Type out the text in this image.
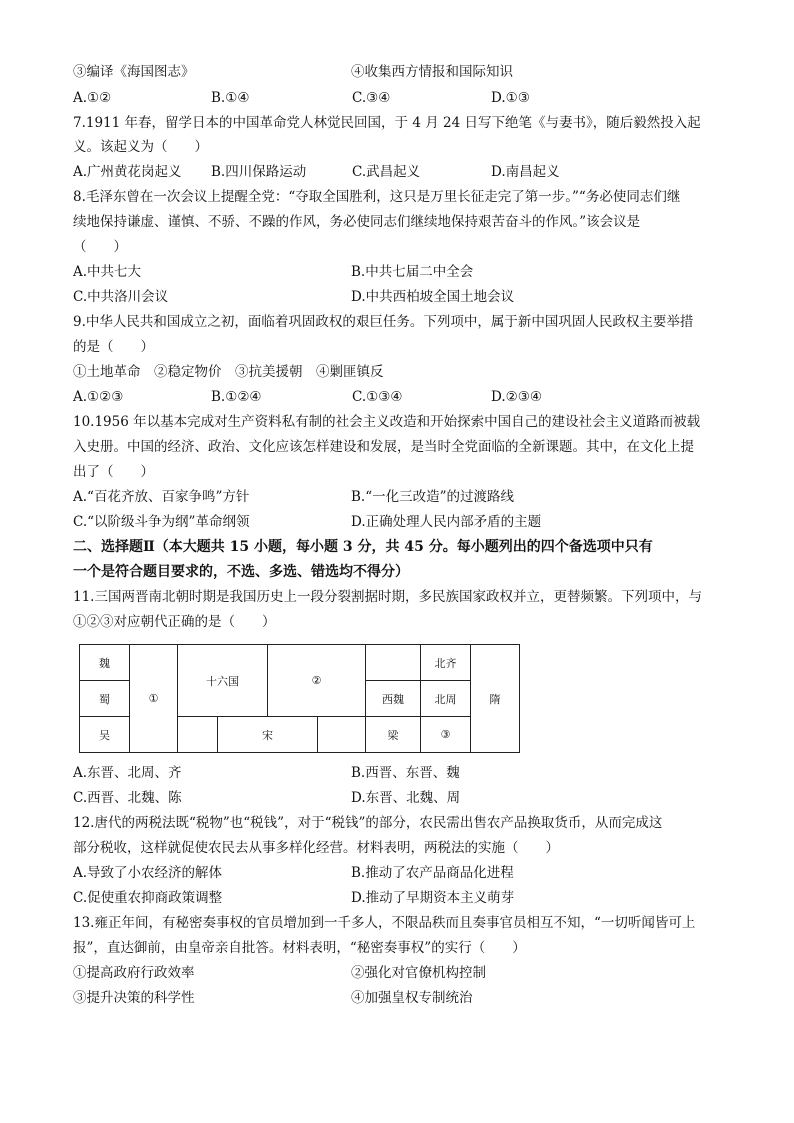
③编译《海国图志》	④收集西方情报和国际知识
A.①②	B.①④	C.③④	D.①③
7.1911 年春，留学日本的中国革命党人林觉民回国，于 4 月 24 日写下绝笔《与妻书》，随后毅然投入起
义。该起义为（　　）
A.广州黄花岗起义 B.四川保路运动	C.武昌起义	D.南昌起义
8.毛泽东曾在一次会议上提醒全党：“夺取全国胜利，这只是万里长征走完了第一步。”“务必使同志们继
续地保持谦虚、谨慎、不骄、不躁的作风，务必使同志们继续地保持艰苦奋斗的作风。”该会议是
（　　）
A.中共七大	B.中共七届二中全会
C.中共洛川会议	D.中共西柏坡全国土地会议
9.中华人民共和国成立之初，面临着巩固政权的艰巨任务。下列项中，属于新中国巩固人民政权主要举措
的是（　　）
①土地革命　②稳定物价　③抗美援朝　④剿匪镇反
A.①②③	B.①②④	C.①③④	D.②③④
10.1956 年以基本完成对生产资料私有制的社会主义改造和开始探索中国自己的建设社会主义道路而被载
入史册。中国的经济、政治、文化应该怎样建设和发展，是当时全党面临的全新课题。其中，在文化上提
出了（　　）
A.“百花齐放、百家争鸣”方针	B.“一化三改造”的过渡路线
C.“以阶级斗争为纲”革命纲领	D.正确处理人民内部矛盾的主题
二、选择题Ⅱ（本大题共 15 小题，每小题 3 分，共 45 分。每小题列出的四个备选项中只有
一个是符合题目要求的，不选、多选、错选均不得分）
11.三国两晋南北朝时期是我国历史上一段分裂割据时期，多民族国家政权并立，更替频繁。下列项中，与
①②③对应朝代正确的是（　　）
魏	①	十六国		②			北齐	隋
蜀						西魏	北周	
吴			宋			梁	③	
A.东晋、北周、齐	B.西晋、东晋、魏
C.西晋、北魏、陈	D.东晋、北魏、周
12.唐代的两税法既“税物”也“税钱”，对于“税钱”的部分，农民需出售农产品换取货币，从而完成这
部分税收，这样就促使农民去从事多样化经营。材料表明，两税法的实施（　　）
A.导致了小农经济的解体	B.推动了农产品商品化进程
C.促使重农抑商政策调整	D.推动了早期资本主义萌芽
13.雍正年间，有秘密奏事权的官员增加到一千多人，不限品秩而且奏事官员相互不知，“一切听闻皆可上
报”，直达御前，由皇帝亲自批答。材料表明，“秘密奏事权”的实行（　　）
①提高政府行政效率	②强化对官僚机构控制
③提升决策的科学性	④加强皇权专制统治
